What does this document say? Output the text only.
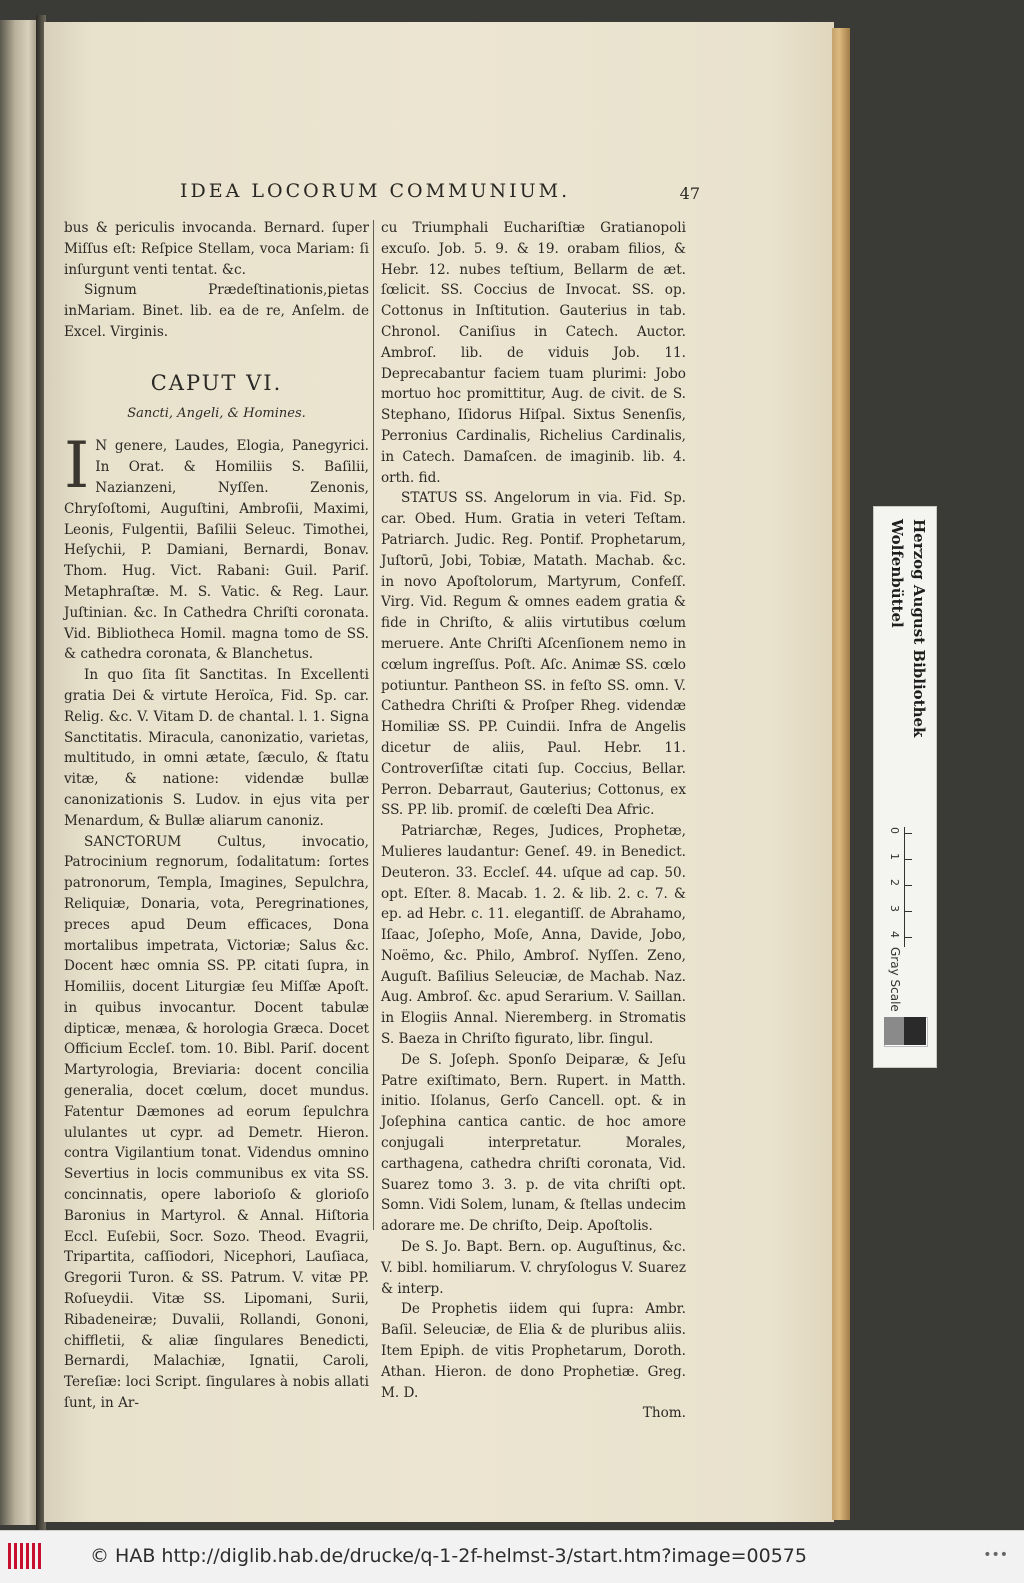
IDEA LOCORUM COMMUNIUM.	47

bus & periculis invocanda. Bernard. ſuper Miſſus eſt: Reſpice Stellam, voca Mariam: ſi inſurgunt venti tentat. &c.

Signum Prædeſtinationis,pietas inMariam. Binet. lib. ea de re, Anſelm. de Excel. Virginis.

CAPUT VI.

Sancti, Angeli, & Homines.

I N genere, Laudes, Elogia, Panegyrici. In Orat. & Homiliis S. Baſilii, Nazianzeni, Nyſſen. Zenonis, Chryſoſtomi, Auguſtini, Ambroſii, Maximi, Leonis, Fulgentii, Baſilii Seleuc. Timothei, Heſychii, P. Damiani, Bernardi, Bonav. Thom. Hug. Vict. Rabani: Guil. Pariſ. Metaphraſtæ. M. S. Vatic. & Reg. Laur. Juſtinian. &c. In Cathedra Chriſti coronata. Vid. Bibliotheca Homil. magna tomo de SS. & cathedra coronata, & Blanchetus.

In quo ſita ſit Sanctitas. In Excellenti gratia Dei & virtute Heroïca, Fid. Sp. car. Relig. &c. V. Vitam D. de chantal. l. 1. Signa Sanctitatis. Miracula, canonizatio, varietas, multitudo, in omni ætate, ſæculo, & ſtatu vitæ, & natione: videndæ bullæ canonizationis S. Ludov. in ejus vita per Menardum, & Bullæ aliarum canoniz.

SANCTORUM Cultus, invocatio, Patrocinium regnorum, ſodalitatum: ſortes patronorum, Templa, Imagines, Sepulchra, Reliquiæ, Donaria, vota, Peregrinationes, preces apud Deum efficaces, Dona mortalibus impetrata, Victoriæ; Salus &c. Docent hæc omnia SS. PP. citati ſupra, in Homiliis, docent Liturgiæ ſeu Miſſæ Apoſt. in quibus invocantur. Docent tabulæ dipticæ, menæa, & horologia Græca. Docet Officium Eccleſ. tom. 10. Bibl. Pariſ. docent Martyrologia, Breviaria: docent concilia generalia, docet cœlum, docet mundus. Fatentur Dæmones ad eorum ſepulchra ululantes ut cypr. ad Demetr. Hieron. contra Vigilantium tonat. Videndus omnino Severtius in locis communibus ex vita SS. concinnatis, opere laborioſo & glorioſo Baronius in Martyrol. & Annal. Hiſtoria Eccl. Euſebii, Socr. Sozo. Theod. Evagrii, Tripartita, caſſiodori, Nicephori, Lauſiaca, Gregorii Turon. & SS. Patrum. V. vitæ PP. Roſueydii. Vitæ SS. Lipomani, Surii, Ribadeneiræ; Duvalii, Rollandi, Gononi, chiffletii, & aliæ ſingulares Benedicti, Bernardi, Malachiæ, Ignatii, Caroli, Tereſiæ: loci Script. ſingulares à nobis allati ſunt, in Ar-

cu Triumphali Euchariſtiæ Gratianopoli excuſo. Job. 5. 9. & 19. orabam filios, & Hebr. 12. nubes teſtium, Bellarm de æt. ſœlicit. SS. Coccius de Invocat. SS. op. Cottonus in Inſtitution. Gauterius in tab. Chronol. Caniſius in Catech. Auctor. Ambroſ. lib. de viduis Job. 11. Deprecabantur faciem tuam plurimi: Jobo mortuo hoc promittitur, Aug. de civit. de S. Stephano, Iſidorus Hiſpal. Sixtus Senenſis, Perronius Cardinalis, Richelius Cardinalis, in Catech. Damaſcen. de imaginib. lib. 4. orth. fid.

STATUS SS. Angelorum in via. Fid. Sp. car. Obed. Hum. Gratia in veteri Teſtam. Patriarch. Judic. Reg. Pontif. Prophetarum, Juſtorū, Jobi, Tobiæ, Matath. Machab. &c. in novo Apoſtolorum, Martyrum, Confeſſ. Virg. Vid. Regum & omnes eadem gratia & fide in Chriſto, & aliis virtutibus cœlum meruere. Ante Chriſti Aſcenſionem nemo in cœlum ingreſſus. Poſt. Aſc. Animæ SS. cœlo potiuntur. Pantheon SS. in feſto SS. omn. V. Cathedra Chriſti & Proſper Rheg. videndæ Homiliæ SS. PP. Cuindii. Infra de Angelis dicetur de aliis, Paul. Hebr. 11. Controverſiſtæ citati ſup. Coccius, Bellar. Perron. Debarraut, Gauterius; Cottonus, ex SS. PP. lib. promiſ. de cœleſti Dea Afric.

Patriarchæ, Reges, Judices, Prophetæ, Mulieres laudantur: Geneſ. 49. in Benedict. Deuteron. 33. Eccleſ. 44. uſque ad cap. 50. opt. Eſter. 8. Macab. 1. 2. & lib. 2. c. 7. & ep. ad Hebr. c. 11. elegantiſſ. de Abrahamo, Iſaac, Joſepho, Moſe, Anna, Davide, Jobo, Noëmo, &c. Philo, Ambroſ. Nyſſen. Zeno, Auguſt. Baſilius Seleuciæ, de Machab. Naz. Aug. Ambroſ. &c. apud Serarium. V. Saillan. in Elogiis Annal. Nieremberg. in Stromatis S. Baeza in Chriſto figurato, libr. ſingul.

De S. Joſeph. Sponſo Deiparæ, & Jeſu Patre exiſtimato, Bern. Rupert. in Matth. initio. Iſolanus, Gerſo Cancell. opt. & in Joſephina cantica cantic. de hoc amore conjugali interpretatur. Morales, carthagena, cathedra chriſti coronata, Vid. Suarez tomo 3. 3. p. de vita chriſti opt. Somn. Vidi Solem, lunam, & ſtellas undecim adorare me. De chriſto, Deip. Apoſtolis.

De S. Jo. Bapt. Bern. op. Auguſtinus, &c. V. bibl. homiliarum. V. chryſologus V. Suarez & interp.

De Prophetis iidem qui ſupra: Ambr. Baſil. Seleuciæ, de Elia & de pluribus aliis. Item Epiph. de vitis Prophetarum, Doroth. Athan. Hieron. de dono Prophetiæ. Greg. M. D.

Thom.

Herzog August Bibliothek
Wolfenbüttel
0
1
2
3
4
Gray Scale
© HAB http://diglib.hab.de/drucke/q-1-2f-helmst-3/start.htm?image=00575	•••
